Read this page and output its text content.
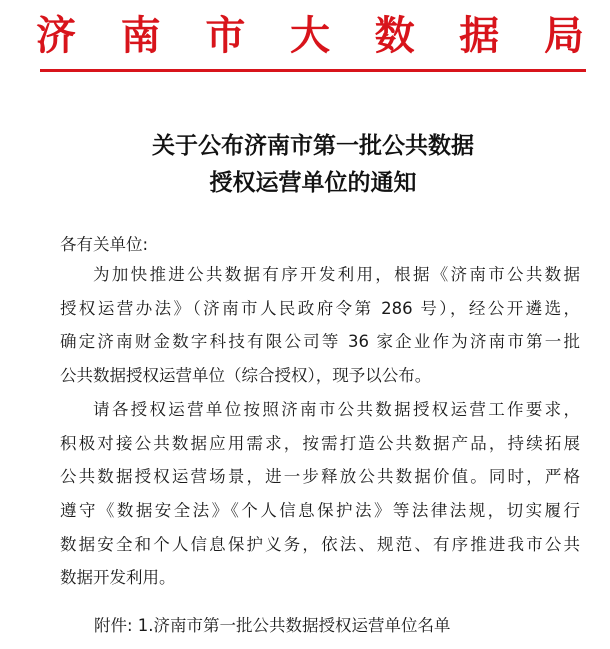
济 南 市 大 数 据 局
关于公布济南市第一批公共数据
授权运营单位的通知

各有关单位:

为加快推进公共数据有序开发利用，根据《济南市公共数据
授权运营办法》（济南市人民政府令第 286 号），经公开遴选，
确定济南财金数字科技有限公司等 36 家企业作为济南市第一批
公共数据授权运营单位（综合授权），现予以公布。
请各授权运营单位按照济南市公共数据授权运营工作要求，
积极对接公共数据应用需求，按需打造公共数据产品，持续拓展
公共数据授权运营场景，进一步释放公共数据价值。同时，严格
遵守《数据安全法》《个人信息保护法》等法律法规，切实履行
数据安全和个人信息保护义务，依法、规范、有序推进我市公共
数据开发利用。

附件: 1.济南市第一批公共数据授权运营单位名单
